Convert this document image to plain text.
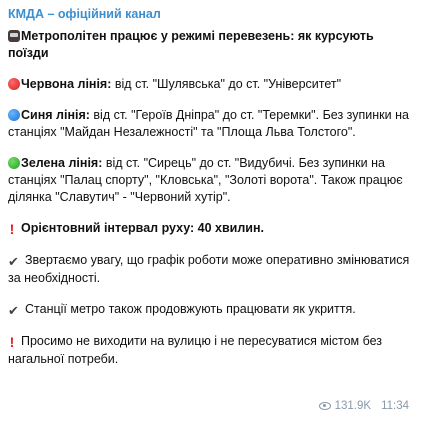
КМДА – офіційний канал

Метрополітен працює у режимі перевезень: як курсують поїзди

Червона лінія: від ст. "Шулявська" до ст. "Університет"

Синя лінія: від ст. "Героїв Дніпра" до ст. "Теремки". Без зупинки на станціях "Майдан Незалежності" та "Площа Льва Толстого".

Зелена лінія: від ст. "Сирець" до ст. "Видубичі. Без зупинки на станціях "Палац спорту", "Кловська", "Золоті ворота". Також працює ділянка "Славутич" - "Червоний хутір".

! Орієнтовний інтервал руху: 40 хвилин.

✔ Звертаємо увагу, що графік роботи може оперативно змінюватися за необхідності.

✔ Станції метро також продовжують працювати як укриття.

! Просимо не виходити на вулицю і не пересуватися містом без нагальної потреби.

131.9K 11:34
